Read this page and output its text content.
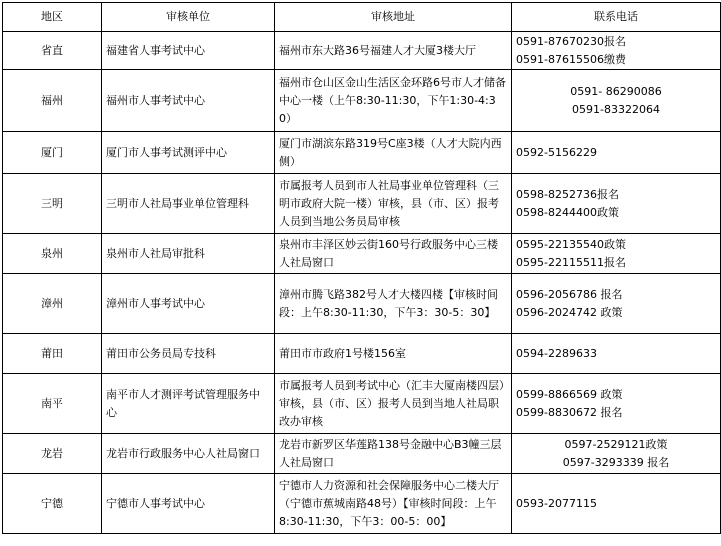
地区	审核单位	审核地址	联系电话
省直	福建省人事考试中心	福州市东大路36号福建人才大厦3楼大厅	0591-87670230报名
0591-87615506缴费

福州	福州市人事考试中心	福州市仓山区金山生活区金环路6号市人才储备中心一楼（上午8:30-11:30，下午1:30-4:30）	0591- 86290086
0591-83322064

厦门	厦门市人事考试测评中心	厦门市湖滨东路319号C座3楼（人才大院内西侧）	0592-5156229

三明	三明市人社局事业单位管理科	市属报考人员到市人社局事业单位管理科（三明市政府大院一楼）审核，县（市、区）报考人员到当地公务员局审核	0598-8252736报名
0598-8244400政策

泉州	泉州市人社局审批科	泉州市丰泽区妙云街160号行政服务中心三楼人社局窗口	0595-22135540政策
0595-22115511报名

漳州	漳州市人事考试中心	漳州市腾飞路382号人才大楼四楼【审核时间段：上午8:30-11:30，下午3：30-5：30】	0596-2056786 报名
0596-2024742 政策

莆田	莆田市公务员局专技科	莆田市市政府1号楼156室	0594-2289633

南平	南平市人才测评考试管理服务中心	市属报考人员到考试中心（汇丰大厦南楼四层）审核，县（市、区）报考人员到当地人社局职改办审核	0599-8866569 政策
0599-8830672 报名

龙岩	龙岩市行政服务中心人社局窗口	龙岩市新罗区华莲路138号金融中心B3幢三层人社局窗口	0597-2529121政策
0597-3293339 报名

宁德	宁德市人事考试中心	宁德市人力资源和社会保障服务中心二楼大厅（宁德市蕉城南路48号）【审核时间段：上午8:30-11:30，下午3：00-5：00】	0593-2077115
